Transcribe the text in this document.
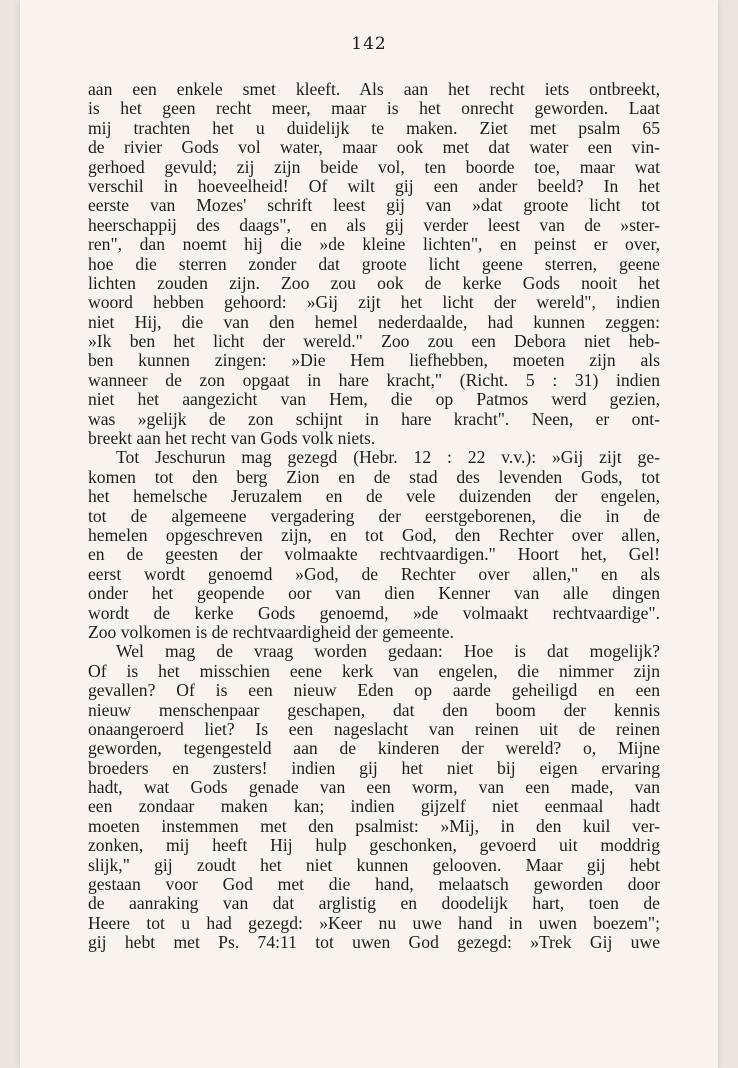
142
aan een enkele smet kleeft. Als aan het recht iets ontbreekt,
is het geen recht meer, maar is het onrecht geworden. Laat
mij trachten het u duidelijk te maken. Ziet met psalm 65
de rivier Gods vol water, maar ook met dat water een vin-
gerhoed gevuld; zij zijn beide vol, ten boorde toe, maar wat
verschil in hoeveelheid! Of wilt gij een ander beeld? In het
eerste van Mozes' schrift leest gij van »dat groote licht tot
heerschappij des daags", en als gij verder leest van de »ster-
ren", dan noemt hij die »de kleine lichten", en peinst er over,
hoe die sterren zonder dat groote licht geene sterren, geene
lichten zouden zijn. Zoo zou ook de kerke Gods nooit het
woord hebben gehoord: »Gij zijt het licht der wereld", indien
niet Hij, die van den hemel nederdaalde, had kunnen zeggen:
»Ik ben het licht der wereld." Zoo zou een Debora niet heb-
ben kunnen zingen: »Die Hem liefhebben, moeten zijn als
wanneer de zon opgaat in hare kracht," (Richt. 5 : 31) indien
niet het aangezicht van Hem, die op Patmos werd gezien,
was »gelijk de zon schijnt in hare kracht". Neen, er ont-
breekt aan het recht van Gods volk niets.
Tot Jeschurun mag gezegd (Hebr. 12 : 22 v.v.): »Gij zijt ge-
komen tot den berg Zion en de stad des levenden Gods, tot
het hemelsche Jeruzalem en de vele duizenden der engelen,
tot de algemeene vergadering der eerstgeborenen, die in de
hemelen opgeschreven zijn, en tot God, den Rechter over allen,
en de geesten der volmaakte rechtvaardigen." Hoort het, Gel!
eerst wordt genoemd »God, de Rechter over allen," en als
onder het geopende oor van dien Kenner van alle dingen
wordt de kerke Gods genoemd, »de volmaakt rechtvaardige".
Zoo volkomen is de rechtvaardigheid der gemeente.
Wel mag de vraag worden gedaan: Hoe is dat mogelijk?
Of is het misschien eene kerk van engelen, die nimmer zijn
gevallen? Of is een nieuw Eden op aarde geheiligd en een
nieuw menschenpaar geschapen, dat den boom der kennis
onaangeroerd liet? Is een nageslacht van reinen uit de reinen
geworden, tegengesteld aan de kinderen der wereld? o, Mijne
broeders en zusters! indien gij het niet bij eigen ervaring
hadt, wat Gods genade van een worm, van een made, van
een zondaar maken kan; indien gijzelf niet eenmaal hadt
moeten instemmen met den psalmist: »Mij, in den kuil ver-
zonken, mij heeft Hij hulp geschonken, gevoerd uit moddrig
slijk," gij zoudt het niet kunnen gelooven. Maar gij hebt
gestaan voor God met die hand, melaatsch geworden door
de aanraking van dat arglistig en doodelijk hart, toen de
Heere tot u had gezegd: »Keer nu uwe hand in uwen boezem";
gij hebt met Ps. 74:11 tot uwen God gezegd: »Trek Gij uwe
